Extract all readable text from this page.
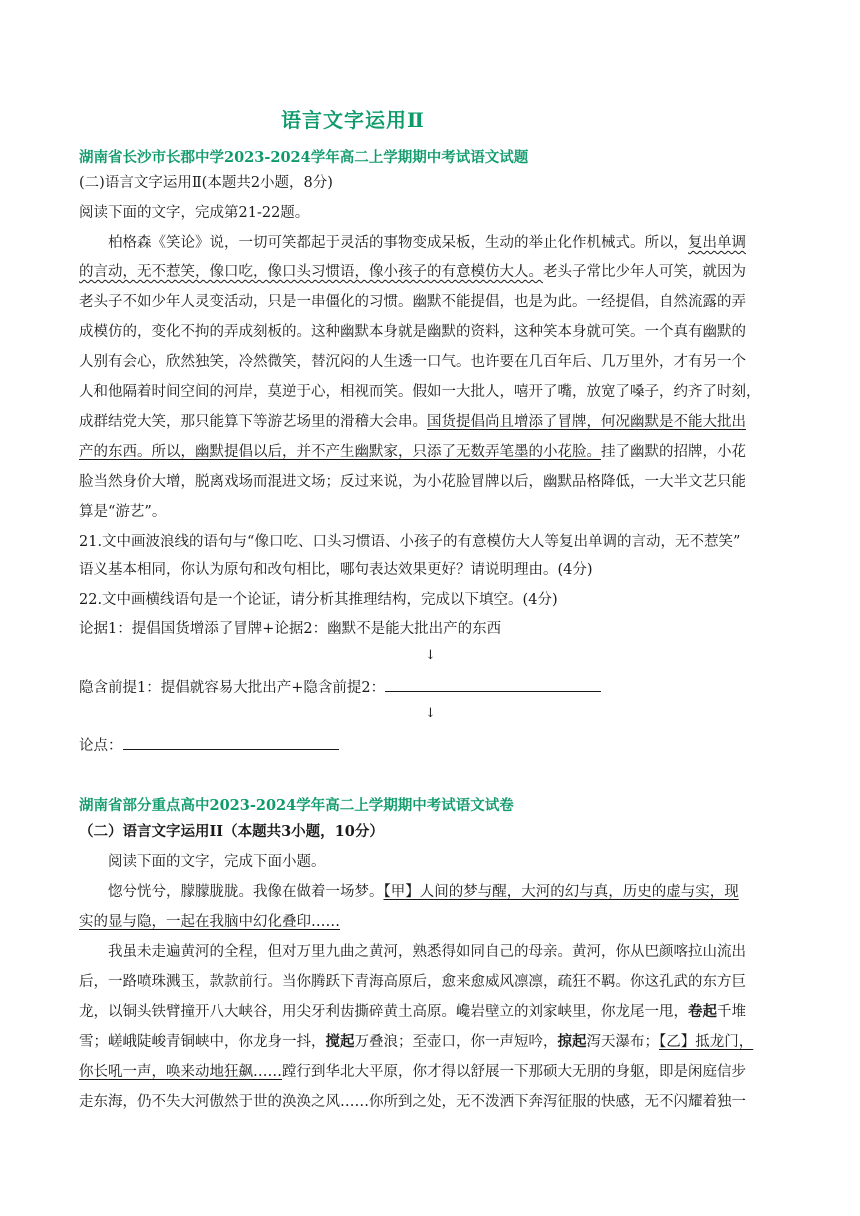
语言文字运用Ⅱ
湖南省长沙市长郡中学2023-2024学年高二上学期期中考试语文试题
(二)语言文字运用Ⅱ(本题共2小题，8分)
阅读下面的文字，完成第21-22题。
柏格森《笑论》说，一切可笑都起于灵活的事物变成呆板，生动的举止化作机械式。所以，复出单调
的言动，无不惹笑，像口吃，像口头习惯语，像小孩子的有意模仿大人。老头子常比少年人可笑，就因为
老头子不如少年人灵变活动，只是一串僵化的习惯。幽默不能提倡，也是为此。一经提倡，自然流露的弄
成模仿的，变化不拘的弄成刻板的。这种幽默本身就是幽默的资料，这种笑本身就可笑。一个真有幽默的
人别有会心，欣然独笑，冷然微笑，替沉闷的人生透一口气。也许要在几百年后、几万里外，才有另一个
人和他隔着时间空间的河岸，莫逆于心，相视而笑。假如一大批人，嘻开了嘴，放宽了嗓子，约齐了时刻，
成群结党大笑，那只能算下等游艺场里的滑稽大会串。国货提倡尚且增添了冒牌，何况幽默是不能大批出
产的东西。所以，幽默提倡以后，并不产生幽默家，只添了无数弄笔墨的小花脸。挂了幽默的招牌，小花
脸当然身价大增，脱离戏场而混进文场；反过来说，为小花脸冒牌以后，幽默品格降低，一大半文艺只能
算是“游艺”。
21.文中画波浪线的语句与“像口吃、口头习惯语、小孩子的有意模仿大人等复出单调的言动，无不惹笑”
语义基本相同，你认为原句和改句相比，哪句表达效果更好？请说明理由。(4分)
22.文中画横线语句是一个论证，请分析其推理结构，完成以下填空。(4分)
论据1：提倡国货增添了冒牌+论据2：幽默不是能大批出产的东西
↓
隐含前提1：提倡就容易大批出产+隐含前提2：
↓
论点：
湖南省部分重点高中2023-2024学年高二上学期期中考试语文试卷
（二）语言文字运用II（本题共3小题，10分）
阅读下面的文字，完成下面小题。
惚兮恍兮，朦朦胧胧。我像在做着一场梦。【甲】人间的梦与醒，大河的幻与真，历史的虚与实，现
实的显与隐，一起在我脑中幻化叠印……
我虽未走遍黄河的全程，但对万里九曲之黄河，熟悉得如同自己的母亲。黄河，你从巴颜喀拉山流出
后，一路喷珠溅玉，款款前行。当你腾跃下青海高原后，愈来愈威风凛凛，疏狂不羁。你这孔武的东方巨
龙，以铜头铁臂撞开八大峡谷，用尖牙利齿撕碎黄土高原。巉岩壁立的刘家峡里，你龙尾一甩，卷起千堆
雪；嵯峨陡峻青铜峡中，你龙身一抖，搅起万叠浪；至壶口，你一声短吟，掠起泻天瀑布；【乙】抵龙门，
你长吼一声，唤来动地狂飙……蹚行到华北大平原，你才得以舒展一下那硕大无朋的身躯，即是闲庭信步
走东海，仍不失大河傲然于世的涣涣之风……你所到之处，无不泼洒下奔泻征服的快感，无不闪耀着独一
